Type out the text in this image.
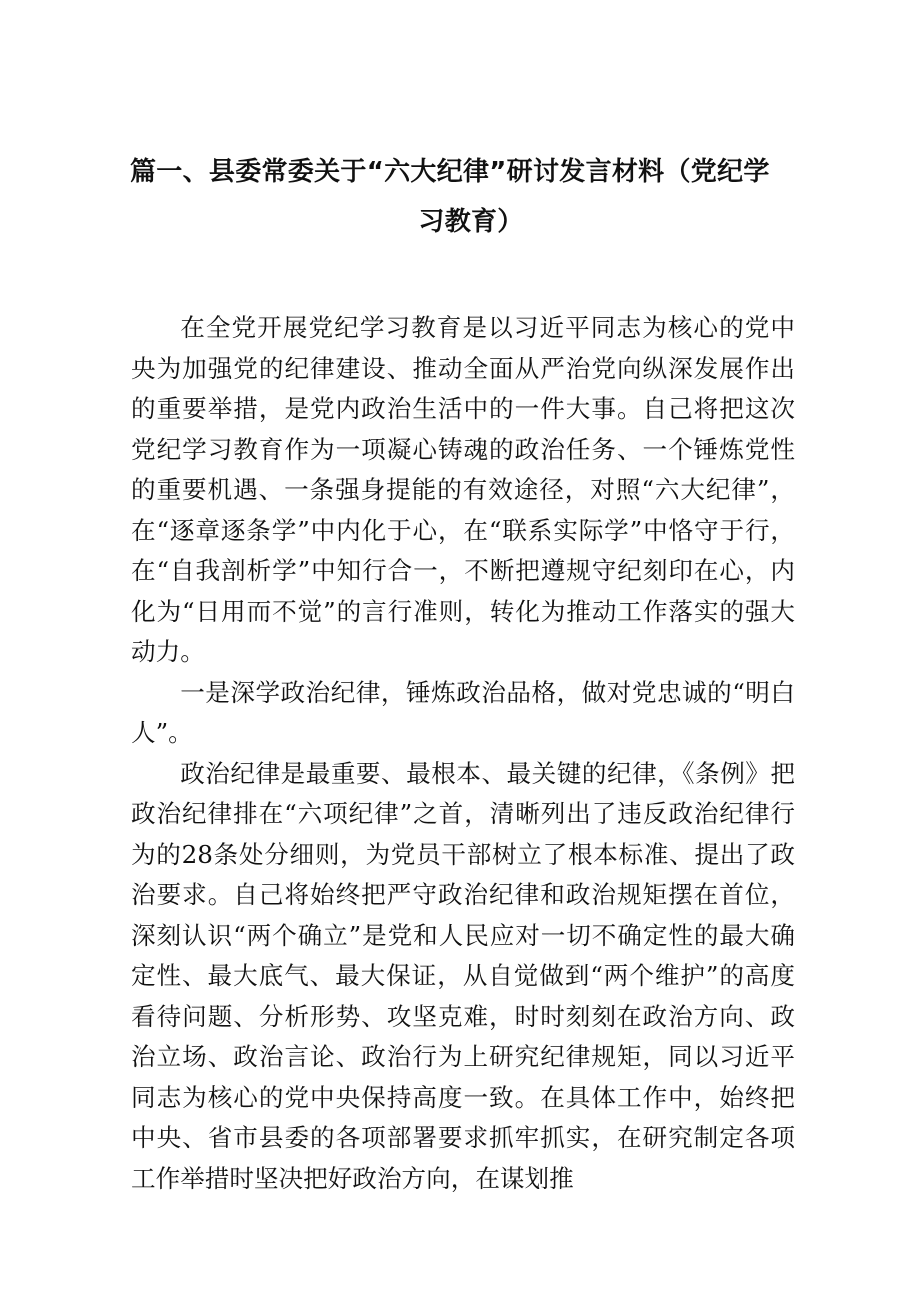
篇一、县委常委关于“六大纪律”研讨发言材料（党纪学
习教育）

在全党开展党纪学习教育是以习近平同志为核心的党中央为加强党的纪律建设、推动全面从严治党向纵深发展作出的重要举措，是党内政治生活中的一件大事。自己将把这次党纪学习教育作为一项凝心铸魂的政治任务、一个锤炼党性的重要机遇、一条强身提能的有效途径，对照“六大纪律”，在“逐章逐条学”中内化于心，在“联系实际学”中恪守于行，在“自我剖析学”中知行合一，不断把遵规守纪刻印在心，内化为“日用而不觉”的言行准则，转化为推动工作落实的强大动力。

一是深学政治纪律，锤炼政治品格，做对党忠诚的“明白人”。

政治纪律是最重要、最根本、最关键的纪律，《条例》把政治纪律排在“六项纪律”之首，清晰列出了违反政治纪律行为的28条处分细则，为党员干部树立了根本标准、提出了政治要求。自己将始终把严守政治纪律和政治规矩摆在首位，深刻认识“两个确立”是党和人民应对一切不确定性的最大确定性、最大底气、最大保证，从自觉做到“两个维护”的高度看待问题、分析形势、攻坚克难，时时刻刻在政治方向、政治立场、政治言论、政治行为上研究纪律规矩，同以习近平同志为核心的党中央保持高度一致。在具体工作中，始终把中央、省市县委的各项部署要求抓牢抓实，在研究制定各项工作举措时坚决把好政治方向，在谋划推
